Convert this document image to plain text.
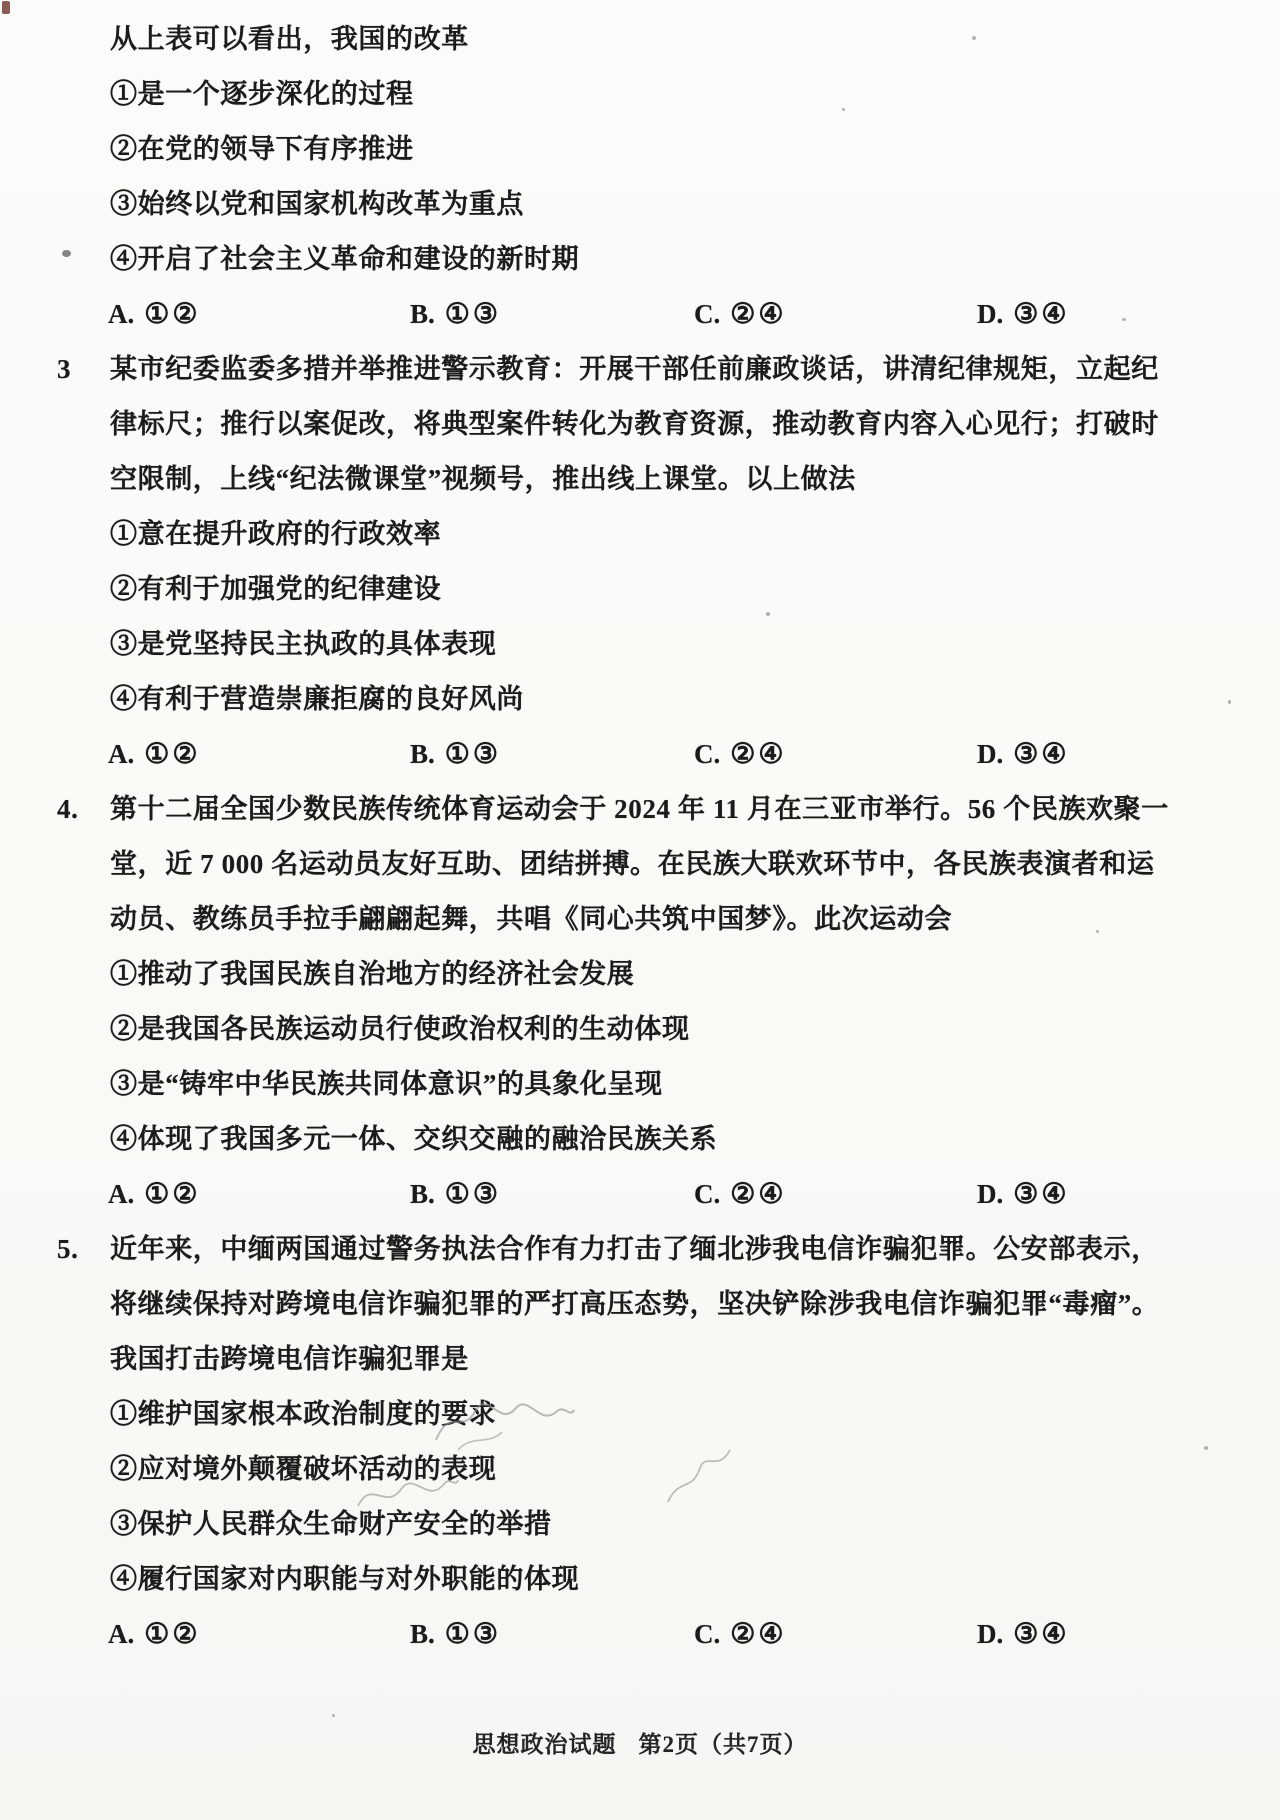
从上表可以看出，我国的改革
①是一个逐步深化的过程
②在党的领导下有序推进
③始终以党和国家机构改革为重点
④开启了社会主义革命和建设的新时期
A. ①②	B. ①③	C. ②④	D. ③④
3 某市纪委监委多措并举推进警示教育：开展干部任前廉政谈话，讲清纪律规矩，立起纪
律标尺；推行以案促改，将典型案件转化为教育资源，推动教育内容入心见行；打破时
空限制，上线“纪法微课堂”视频号，推出线上课堂。以上做法
①意在提升政府的行政效率
②有利于加强党的纪律建设
③是党坚持民主执政的具体表现
④有利于营造崇廉拒腐的良好风尚
A. ①②	B. ①③	C. ②④	D. ③④
4. 第十二届全国少数民族传统体育运动会于 2024 年 11 月在三亚市举行。56 个民族欢聚一
堂，近 7 000 名运动员友好互助、团结拼搏。在民族大联欢环节中，各民族表演者和运
动员、教练员手拉手翩翩起舞，共唱《同心共筑中国梦》。此次运动会
①推动了我国民族自治地方的经济社会发展
②是我国各民族运动员行使政治权利的生动体现
③是“铸牢中华民族共同体意识”的具象化呈现
④体现了我国多元一体、交织交融的融洽民族关系
A. ①②	B. ①③	C. ②④	D. ③④
5. 近年来，中缅两国通过警务执法合作有力打击了缅北涉我电信诈骗犯罪。公安部表示，
将继续保持对跨境电信诈骗犯罪的严打高压态势，坚决铲除涉我电信诈骗犯罪“毒瘤”。
我国打击跨境电信诈骗犯罪是
①维护国家根本政治制度的要求
②应对境外颠覆破坏活动的表现
③保护人民群众生命财产安全的举措
④履行国家对内职能与对外职能的体现
A. ①②	B. ①③	C. ②④	D. ③④
思想政治试题 第2页（共7页）
